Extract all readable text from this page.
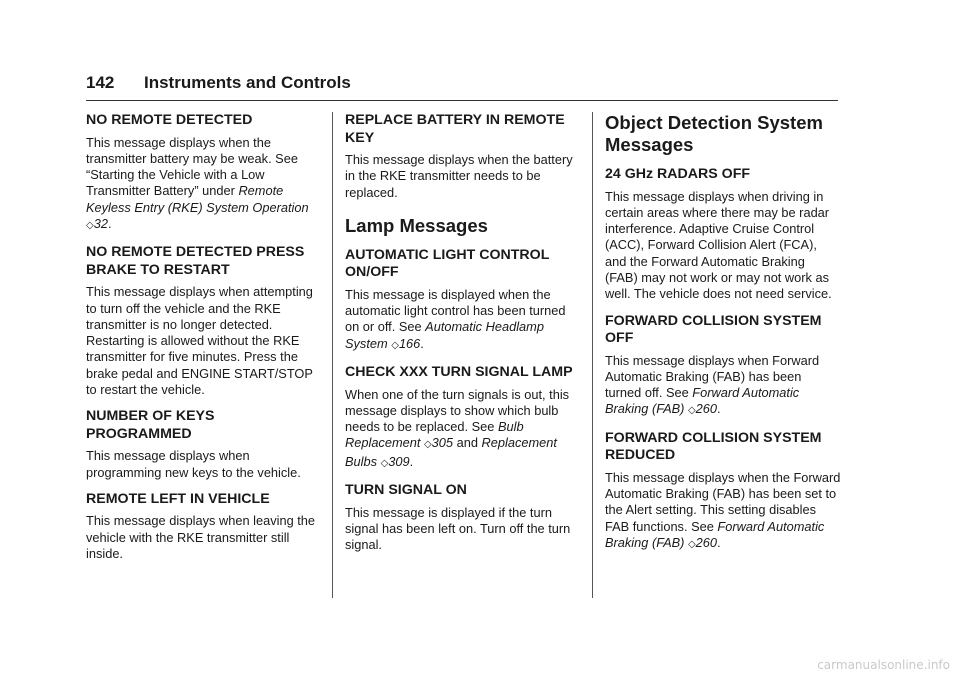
142 Instruments and Controls
NO REMOTE DETECTED
This message displays when the transmitter battery may be weak. See “Starting the Vehicle with a Low Transmitter Battery” under Remote Keyless Entry (RKE) System Operation ◇32.
NO REMOTE DETECTED PRESS BRAKE TO RESTART
This message displays when attempting to turn off the vehicle and the RKE transmitter is no longer detected. Restarting is allowed without the RKE transmitter for five minutes. Press the brake pedal and ENGINE START/STOP to restart the vehicle.
NUMBER OF KEYS PROGRAMMED
This message displays when programming new keys to the vehicle.
REMOTE LEFT IN VEHICLE
This message displays when leaving the vehicle with the RKE transmitter still inside.
REPLACE BATTERY IN REMOTE KEY
This message displays when the battery in the RKE transmitter needs to be replaced.
Lamp Messages
AUTOMATIC LIGHT CONTROL ON/OFF
This message is displayed when the automatic light control has been turned on or off. See Automatic Headlamp System ◇166.
CHECK XXX TURN SIGNAL LAMP
When one of the turn signals is out, this message displays to show which bulb needs to be replaced. See Bulb Replacement ◇305 and Replacement Bulbs ◇309.
TURN SIGNAL ON
This message is displayed if the turn signal has been left on. Turn off the turn signal.
Object Detection System Messages
24 GHz RADARS OFF
This message displays when driving in certain areas where there may be radar interference. Adaptive Cruise Control (ACC), Forward Collision Alert (FCA), and the Forward Automatic Braking (FAB) may not work or may not work as well. The vehicle does not need service.
FORWARD COLLISION SYSTEM OFF
This message displays when Forward Automatic Braking (FAB) has been turned off. See Forward Automatic Braking (FAB) ◇260.
FORWARD COLLISION SYSTEM REDUCED
This message displays when the Forward Automatic Braking (FAB) has been set to the Alert setting. This setting disables FAB functions. See Forward Automatic Braking (FAB) ◇260.
carmanualsonline.info
